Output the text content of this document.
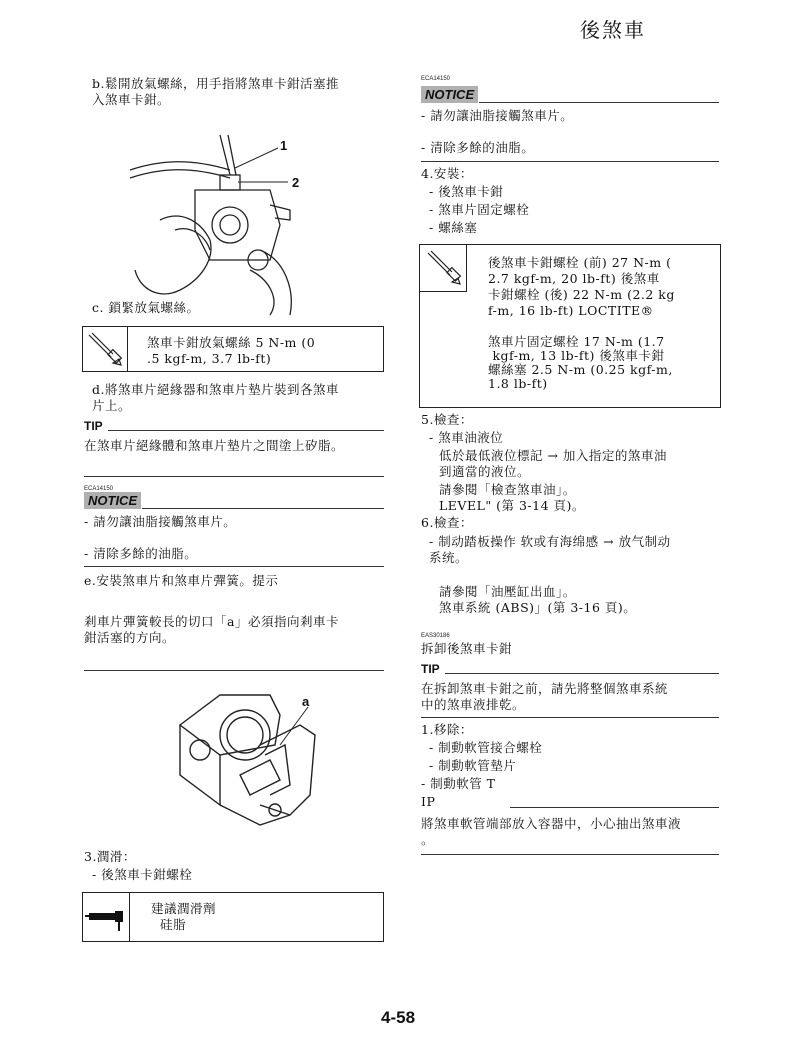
後煞車
b.鬆開放氣螺絲，用手指將煞車卡鉗活塞推
入煞車卡鉗。
1
2
c. 鎖緊放氣螺絲。
煞車卡鉗放氣螺絲 5 N-m (0
.5 kgf-m, 3.7 lb-ft)
d.將煞車片絕緣器和煞車片墊片裝到各煞車
片上。
TIP
在煞車片絕緣體和煞車片墊片之間塗上矽脂。
ECA14150
NOTICE
- 請勿讓油脂接觸煞車片。
- 清除多餘的油脂。
e.安裝煞車片和煞車片彈簧。提示
剎車片彈簧較長的切口「a」必須指向剎車卡
鉗活塞的方向。
a
3.潤滑：
- 後煞車卡鉗螺栓
建議潤滑劑
硅脂
ECA14150
NOTICE
- 請勿讓油脂接觸煞車片。
- 清除多餘的油脂。
4.安裝：
- 後煞車卡鉗
- 煞車片固定螺栓
- 螺絲塞
後煞車卡鉗螺栓 (前) 27 N-m (
2.7 kgf-m, 20 lb-ft) 後煞車
卡鉗螺栓 (後) 22 N-m (2.2 kg
f-m, 16 lb-ft) LOCTITE®
煞車片固定螺栓 17 N-m (1.7
kgf-m, 13 lb-ft) 後煞車卡鉗
螺絲塞 2.5 N-m (0.25 kgf-m,
1.8 lb-ft)
5.檢查：
- 煞車油液位
低於最低液位標記 → 加入指定的煞車油
到適當的液位。
請參閱「檢查煞車油」。
LEVEL" (第 3-14 頁)。
6.檢查：
- 制动踏板操作 软或有海绵感 → 放气制动
系统。
請參閱「油壓缸出血」。
煞車系統 (ABS)」(第 3-16 頁)。
EAS30186
拆卸後煞車卡鉗
TIP
在拆卸煞車卡鉗之前，請先將整個煞車系統
中的煞車液排乾。
1.移除：
- 制動軟管接合螺栓
- 制動軟管墊片
- 制動軟管 T
IP
將煞車軟管端部放入容器中，小心抽出煞車液
。
4-58
